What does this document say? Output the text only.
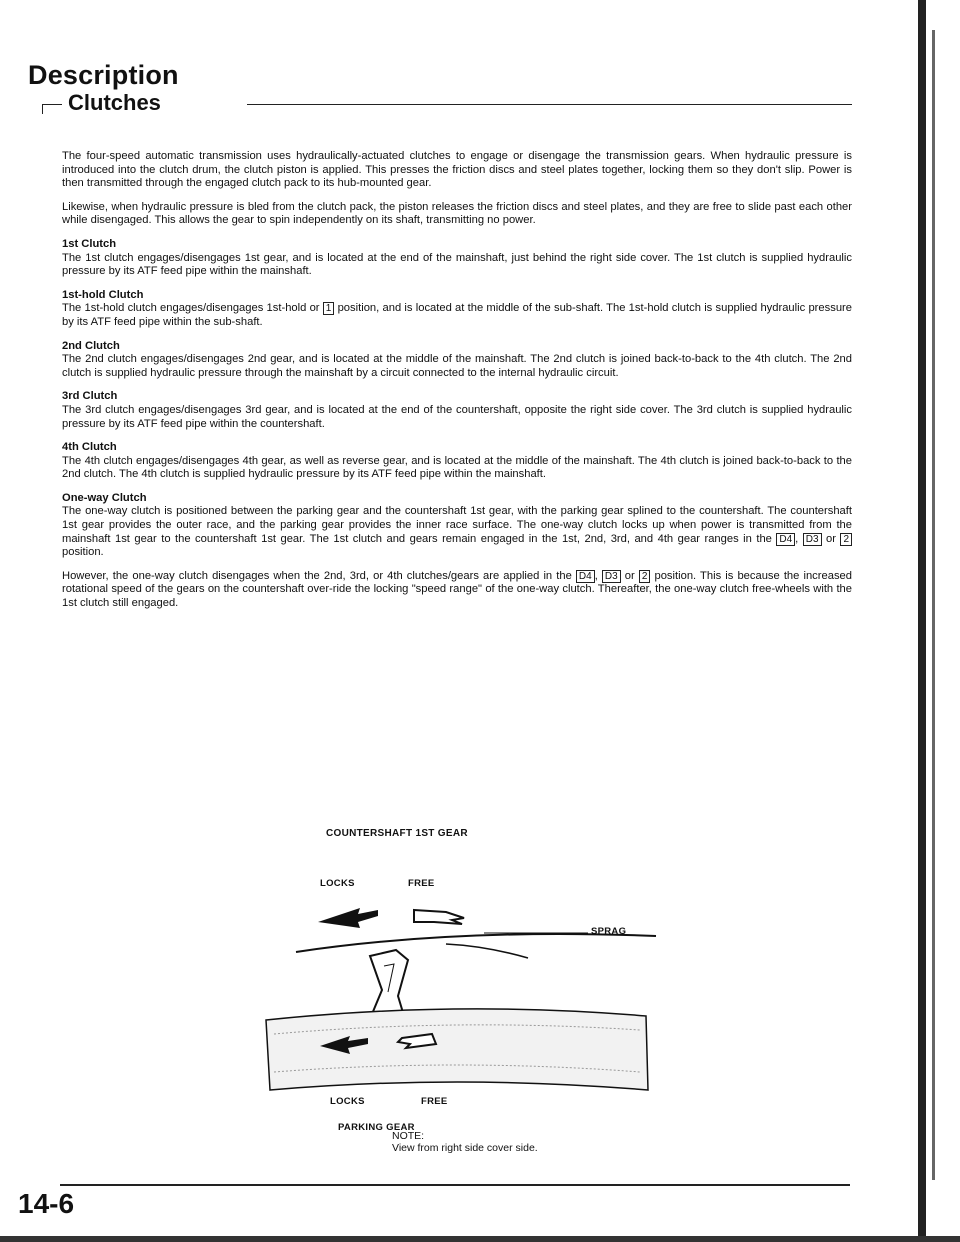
Description
Clutches

The four-speed automatic transmission uses hydraulically-actuated clutches to engage or disengage the transmission gears. When hydraulic pressure is introduced into the clutch drum, the clutch piston is applied. This presses the friction discs and steel plates together, locking them so they don't slip. Power is then transmitted through the engaged clutch pack to its hub-mounted gear.

Likewise, when hydraulic pressure is bled from the clutch pack, the piston releases the friction discs and steel plates, and they are free to slide past each other while disengaged. This allows the gear to spin independently on its shaft, transmitting no power.

1st Clutch
The 1st clutch engages/disengages 1st gear, and is located at the end of the mainshaft, just behind the right side cover. The 1st clutch is supplied hydraulic pressure by its ATF feed pipe within the mainshaft.

1st-hold Clutch
The 1st-hold clutch engages/disengages 1st-hold or 1 position, and is located at the middle of the sub-shaft. The 1st-hold clutch is supplied hydraulic pressure by its ATF feed pipe within the sub-shaft.

2nd Clutch
The 2nd clutch engages/disengages 2nd gear, and is located at the middle of the mainshaft. The 2nd clutch is joined back-to-back to the 4th clutch. The 2nd clutch is supplied hydraulic pressure through the mainshaft by a circuit connected to the internal hydraulic circuit.

3rd Clutch
The 3rd clutch engages/disengages 3rd gear, and is located at the end of the countershaft, opposite the right side cover. The 3rd clutch is supplied hydraulic pressure by its ATF feed pipe within the countershaft.

4th Clutch
The 4th clutch engages/disengages 4th gear, as well as reverse gear, and is located at the middle of the mainshaft. The 4th clutch is joined back-to-back to the 2nd clutch. The 4th clutch is supplied hydraulic pressure by its ATF feed pipe within the mainshaft.

One-way Clutch
The one-way clutch is positioned between the parking gear and the countershaft 1st gear, with the parking gear splined to the countershaft. The countershaft 1st gear provides the outer race, and the parking gear provides the inner race surface. The one-way clutch locks up when power is transmitted from the mainshaft 1st gear to the countershaft 1st gear. The 1st clutch and gears remain engaged in the 1st, 2nd, 3rd, and 4th gear ranges in the D4 , D3 or 2 position.

However, the one-way clutch disengages when the 2nd, 3rd, or 4th clutches/gears are applied in the D4 , D3 or 2 position. This is because the increased rotational speed of the gears on the countershaft over-ride the locking "speed range" of the one-way clutch. Thereafter, the one-way clutch free-wheels with the 1st clutch still engaged.

COUNTERSHAFT 1ST GEAR
LOCKS	FREE
SPRAG
LOCKS	FREE
PARKING GEAR
NOTE:
View from right side cover side.
14-6
